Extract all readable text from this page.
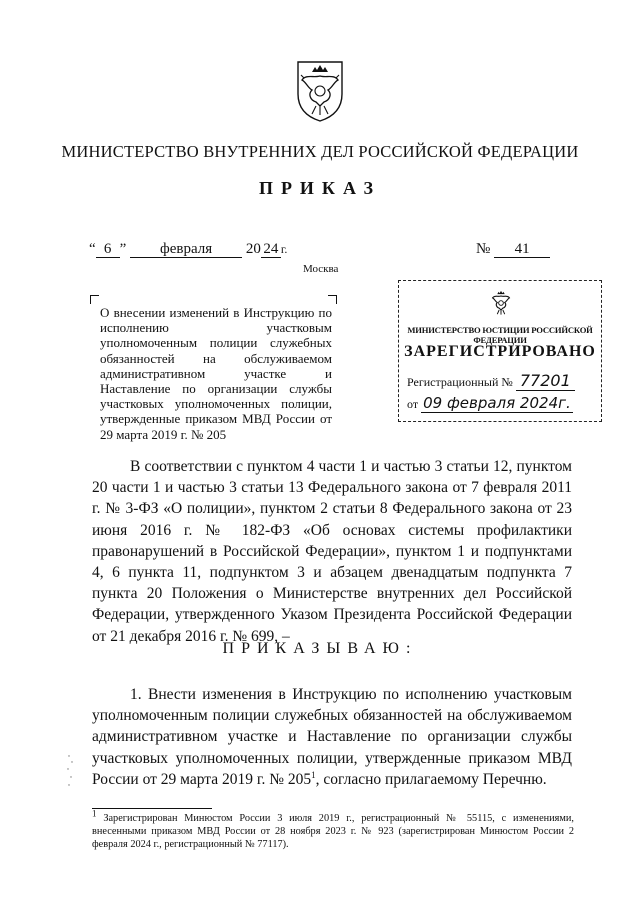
МИНИСТЕРСТВО ВНУТРЕННИХ ДЕЛ РОССИЙСКОЙ ФЕДЕРАЦИИ
ПРИКАЗ
“ 6 ” февраля 20 24 г.	№ 41
Москва
О внесении изменений в Инструкцию по исполнению участковым уполномоченным полиции служебных обязанностей на обслуживаемом административном участке и Наставление по организации службы участковых уполномоченных полиции, утвержденные приказом МВД России от 29 марта 2019 г. № 205
МИНИСТЕРСТВО ЮСТИЦИИ РОССИЙСКОЙ ФЕДЕРАЦИИ
ЗАРЕГИСТРИРОВАНО
Регистрационный № 77201
от 09 февраля 2024г.
В соответствии с пунктом 4 части 1 и частью 3 статьи 12, пунктом 20 части 1 и частью 3 статьи 13 Федерального закона от 7 февраля 2011 г. № 3-ФЗ «О полиции», пунктом 2 статьи 8 Федерального закона от 23 июня 2016 г. № 182-ФЗ «Об основах системы профилактики правонарушений в Российской Федерации», пунктом 1 и подпунктами 4, 6 пункта 11, подпунктом 3 и абзацем двенадцатым подпункта 7 пункта 20 Положения о Министерстве внутренних дел Российской Федерации, утвержденного Указом Президента Российской Федерации от 21 декабря 2016 г. № 699, –
ПРИКАЗЫВАЮ:
1. Внести изменения в Инструкцию по исполнению участковым уполномоченным полиции служебных обязанностей на обслуживаемом административном участке и Наставление по организации службы участковых уполномоченных полиции, утвержденные приказом МВД России от 29 марта 2019 г. № $205^1$, согласно прилагаемому Перечню.
$^1$ Зарегистрирован Минюстом России 3 июля 2019 г., регистрационный № 55115, с изменениями, внесенными приказом МВД России от 28 ноября 2023 г. № 923 (зарегистрирован Минюстом России 2 февраля 2024 г., регистрационный № 77117).
